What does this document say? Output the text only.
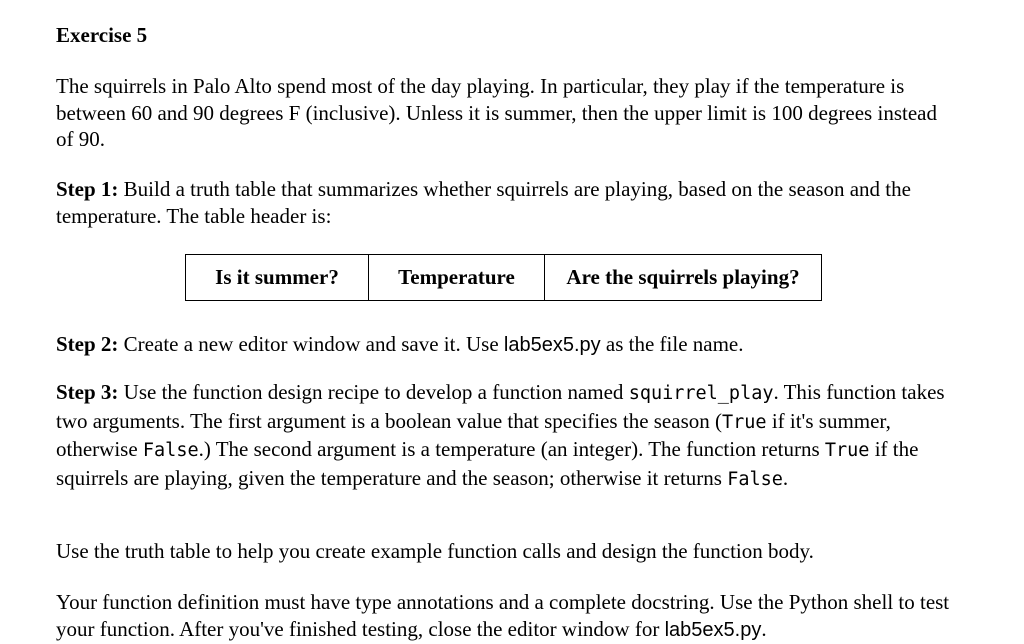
Exercise 5

The squirrels in Palo Alto spend most of the day playing. In particular, they play if the temperature is between 60 and 90 degrees F (inclusive). Unless it is summer, then the upper limit is 100 degrees instead of 90.

Step 1: Build a truth table that summarizes whether squirrels are playing, based on the season and the temperature. The table header is:

Is it summer?	Temperature	Are the squirrels playing?

Step 2: Create a new editor window and save it. Use lab5ex5.py as the file name.

Step 3: Use the function design recipe to develop a function named squirrel_play. This function takes two arguments. The first argument is a boolean value that specifies the season (True if it's summer, otherwise False.) The second argument is a temperature (an integer). The function returns True if the squirrels are playing, given the temperature and the season; otherwise it returns False.

Use the truth table to help you create example function calls and design the function body.

Your function definition must have type annotations and a complete docstring. Use the Python shell to test your function. After you've finished testing, close the editor window for lab5ex5.py.
